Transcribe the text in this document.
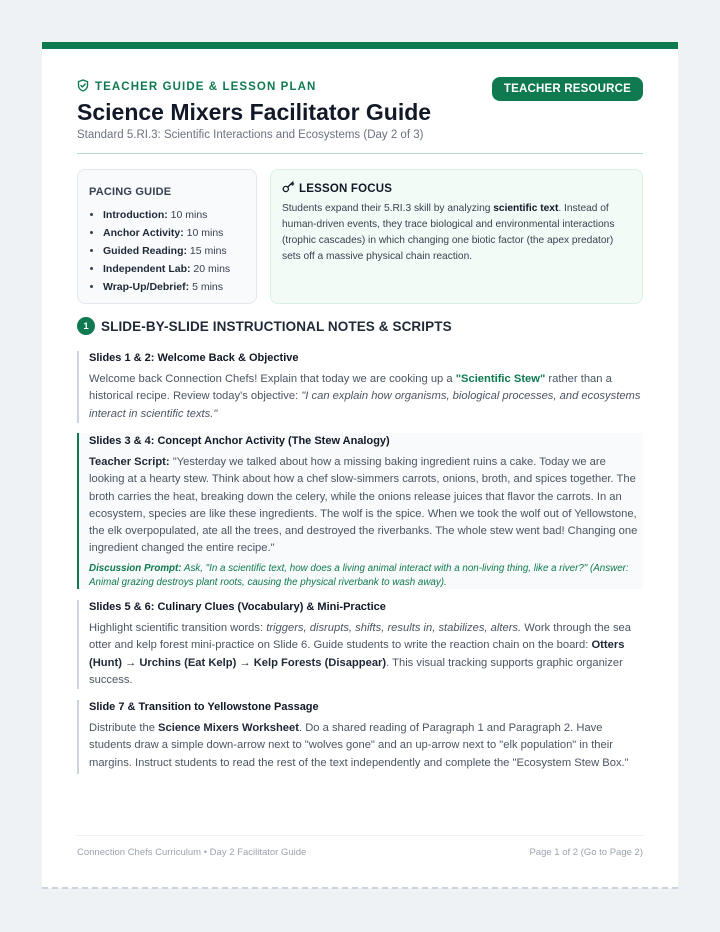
TEACHER GUIDE & LESSON PLAN	TEACHER RESOURCE
Science Mixers Facilitator Guide
Standard 5.RI.3: Scientific Interactions and Ecosystems (Day 2 of 3)
PACING GUIDE
• Introduction: 10 mins
• Anchor Activity: 10 mins
• Guided Reading: 15 mins
• Independent Lab: 20 mins
• Wrap-Up/Debrief: 5 mins
LESSON FOCUS

Students expand their 5.RI.3 skill by analyzing scientific text. Instead of human-driven events, they trace biological and environmental interactions (trophic cascades) in which changing one biotic factor (the apex predator) sets off a massive physical chain reaction.

1 SLIDE-BY-SLIDE INSTRUCTIONAL NOTES & SCRIPTS
Slides 1 & 2: Welcome Back & Objective

Welcome back Connection Chefs! Explain that today we are cooking up a "Scientific Stew" rather than a historical recipe. Review today's objective: "I can explain how organisms, biological processes, and ecosystems interact in scientific texts."

Slides 3 & 4: Concept Anchor Activity (The Stew Analogy)

Teacher Script: "Yesterday we talked about how a missing baking ingredient ruins a cake. Today we are looking at a hearty stew. Think about how a chef slow-simmers carrots, onions, broth, and spices together. The broth carries the heat, breaking down the celery, while the onions release juices that flavor the carrots. In an ecosystem, species are like these ingredients. The wolf is the spice. When we took the wolf out of Yellowstone, the elk overpopulated, ate all the trees, and destroyed the riverbanks. The whole stew went bad! Changing one ingredient changed the entire recipe."

Discussion Prompt: Ask, "In a scientific text, how does a living animal interact with a non-living thing, like a river?" (Answer: Animal grazing destroys plant roots, causing the physical riverbank to wash away).
Slides 5 & 6: Culinary Clues (Vocabulary) & Mini-Practice

Highlight scientific transition words: triggers, disrupts, shifts, results in, stabilizes, alters. Work through the sea otter and kelp forest mini-practice on Slide 6. Guide students to write the reaction chain on the board: Otters (Hunt) → Urchins (Eat Kelp) → Kelp Forests (Disappear). This visual tracking supports graphic organizer success.

Slide 7 & Transition to Yellowstone Passage

Distribute the Science Mixers Worksheet. Do a shared reading of Paragraph 1 and Paragraph 2. Have students draw a simple down-arrow next to "wolves gone" and an up-arrow next to "elk population" in their margins. Instruct students to read the rest of the text independently and complete the "Ecosystem Stew Box."

Connection Chefs Curriculum • Day 2 Facilitator Guide	Page 1 of 2 (Go to Page 2)
